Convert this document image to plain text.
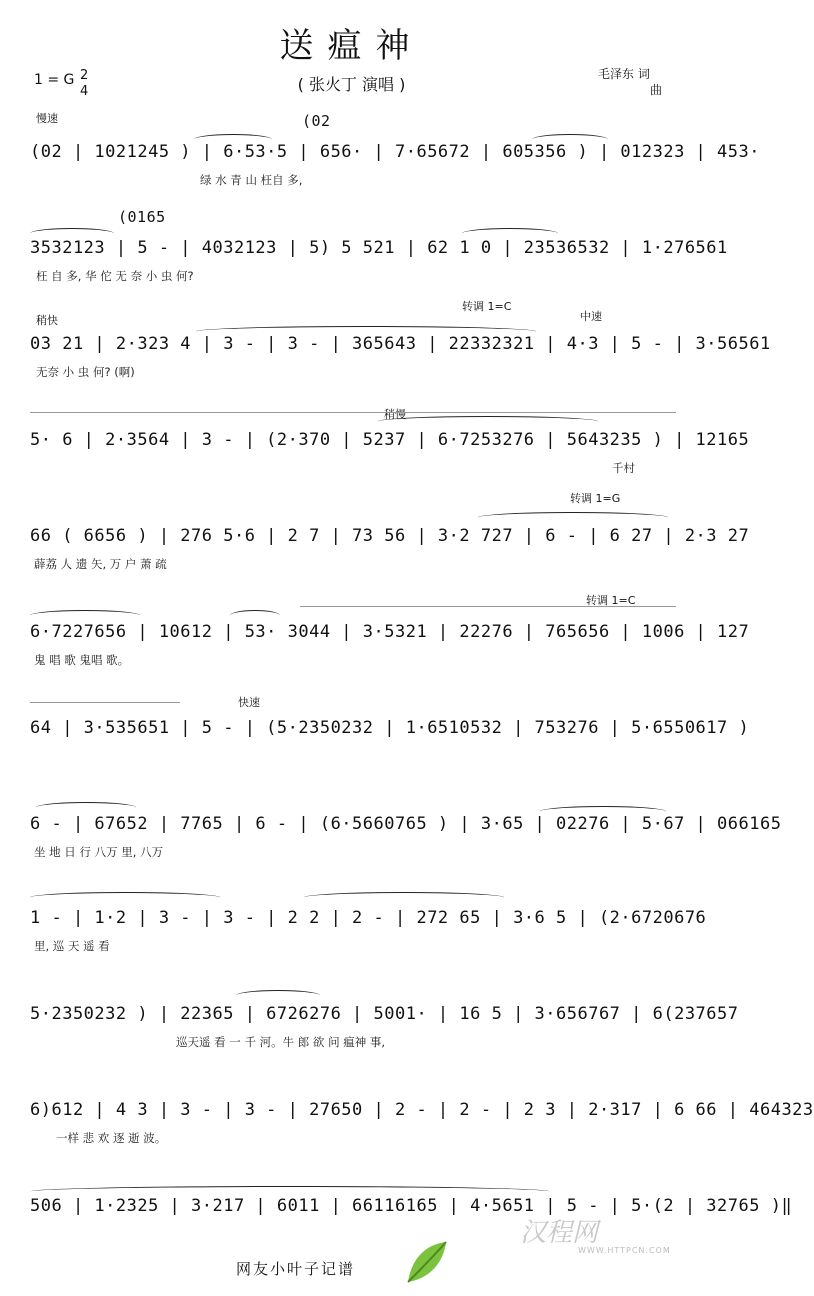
送瘟神
( 张火丁 演唱 )
1 = G 2
4
毛泽东 词
曲
慢速
稍快
转调 1=C
中速
稍慢
转调 1=G
转调 1=C
快速
(02
(0165
(02 | 1021245 ) | 6·53·5 | 656· | 7·65672 | 605356 ) | 012323 | 453·
绿 水 青 山 枉自 多,
3532123 | 5 - | 4032123 | 5) 5 521 | 62 1 0 | 23536532 | 1·276561
枉 自 多, 华 佗 无 奈 小 虫 何?
03 21 | 2·323 4 | 3 - | 3 - | 365643 | 22332321 | 4·3 | 5 - | 3·56561
无奈 小 虫 何? (啊)
5· 6 | 2·3564 | 3 - | (2·370 | 5237 | 6·7253276 | 5643235 ) | 12165
千村
66 ( 6656 ) | 276 5·6 | 2 7 | 73 56 | 3·2 727 | 6 - | 6 27 | 2·3 27
薜荔 人 遗 矢, 万 户 萧 疏
6·7227656 | 10612 | 53· 3044 | 3·5321 | 22276 | 765656 | 1006 | 127
鬼 唱 歌 鬼唱 歌。
64 | 3·535651 | 5 - | (5·2350232 | 1·6510532 | 753276 | 5·6550617 )
6 - | 67652 | 7765 | 6 - | (6·5660765 ) | 3·65 | 02276 | 5·67 | 066165
坐 地 日 行 八万 里, 八万
1 - | 1·2 | 3 - | 3 - | 2 2 | 2 - | 272 65 | 3·6 5 | (2·6720676
里, 巡 天 遥 看
5·2350232 ) | 22365 | 6726276 | 5001· | 16 5 | 3·656767 | 6(237657
巡天遥 看 一 千 河。牛 郎 欲 问 瘟神 事,
6)612 | 4 3 | 3 - | 3 - | 27650 | 2 - | 2 - | 2 3 | 2·317 | 6 66 | 464323
一样 悲 欢 逐 逝 波。
506 | 1·2325 | 3·217 | 6011 | 66116165 | 4·5651 | 5 - | 5·(2 | 32765 )‖
网友小叶子记谱
汉程网
WWW.HTTPCN.COM
